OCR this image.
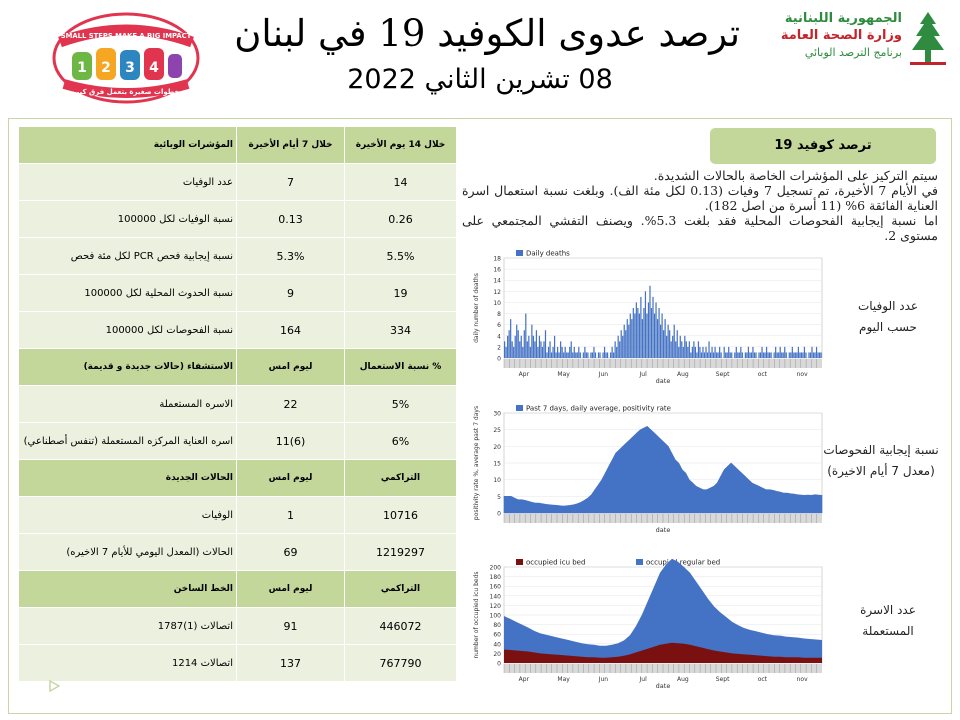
ترصد عدوى الكوفيد 19 في لبنان
08 تشرين الثاني 2022
SMALL STEPS MAKE A BIG IMPACT
1 2 3 4
خطوات صغيرة بتعمل فرق كبير
الجمهورية اللبنانية
وزارة الصحة العامة
برنامج الترصد الوبائي
المؤشرات الوبائية	خلال 7 أيام الأخيرة	خلال 14 يوم الأخيرة
عدد الوفيات	7	14
نسبة الوفيات لكل 100000	0.13	0.26
نسبة إيجابية فحص PCR لكل مئة فحص	5.3%	5.5%
نسبة الحدوث المحلية لكل 100000	9	19
نسبة الفحوصات لكل 100000	164	334
الاستشفاء (حالات جديدة و قديمة)	ليوم امس	% نسبة الاستعمال
الاسره المستعملة	22	5%
اسره العناية المركزه المستعملة (تنفس أصطناعي)	11(6)	6%
الحالات الجديدة	ليوم امس	التراكمي
الوفيات	1	10716
الحالات (المعدل اليومي للأيام 7 الاخيره)	69	1219297
الخط الساخن	ليوم امس	التراكمي
اتصالات (1)1787	91	446072
اتصالات 1214	137	767790
ترصد كوفيد 19

سيتم التركيز على المؤشرات الخاصة بالحالات الشديدة.

في الأيام 7 الأخيرة، تم تسجيل 7 وفيات (0.13 لكل مئة الف). وبلغت نسبة استعمال اسرة العناية الفائقة 6% (11 أسرة من اصل 182).

اما نسبة إيجابية الفحوصات المحلية فقد بلغت 5.3%. ويصنف التفشي المجتمعي على مستوى 2.

0
2
4
6
8
10
12
14
16
18
daily number of deaths
Daily deaths
Apr	May	Jun	Jul	Aug	Sept	oct	nov
date
عدد الوفيات
حسب اليوم
0
5
10
15
20
25
30
positivity rate %, average past 7 days	Past 7 days, daily average, positivity rate
date
نسبة إيجابية الفحوصات
(معدل 7 أيام الاخيرة)
0
20
40
60
80
100
120
140
160
180
200
number of occupied icu beds
occupied icu bed	occupied regular bed
Apr	May	Jun	Jul	Aug	Sept	oct	nov
date
عدد الاسرة
المستعملة
